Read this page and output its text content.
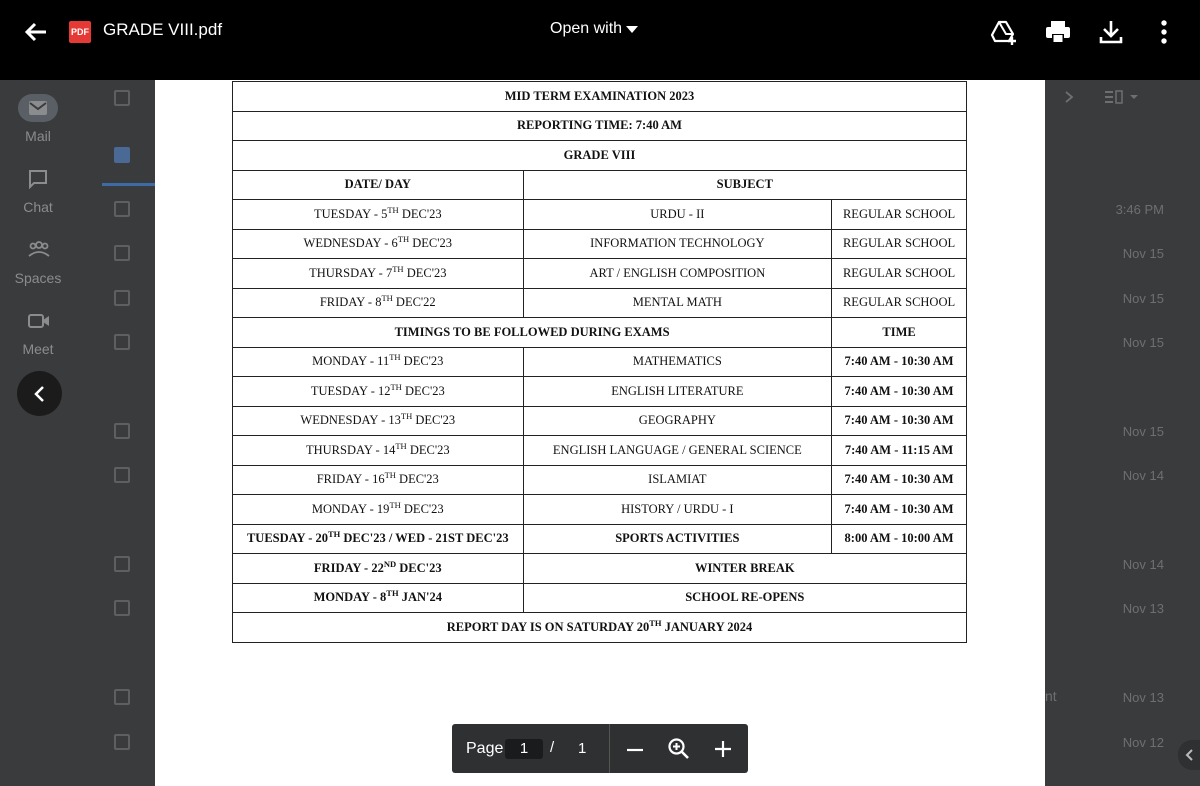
Mail
Chat
Spaces
Meet
3:46 PM
Nov 15
Nov 15
Nov 15
Nov 15
Nov 14
Nov 14
Nov 13
Nov 13
Nov 12
nt
PDF GRADE VIII.pdf	Open with
MID TERM EXAMINATION 2023		
REPORTING TIME: 7:40 AM		
GRADE VIII		
DATE/ DAY	SUBJECT	
TUESDAY - 5TH DEC'23	URDU - II	REGULAR SCHOOL
WEDNESDAY - 6TH DEC'23	INFORMATION TECHNOLOGY	REGULAR SCHOOL
THURSDAY - 7TH DEC'23	ART / ENGLISH COMPOSITION	REGULAR SCHOOL
FRIDAY - 8TH DEC'22	MENTAL MATH	REGULAR SCHOOL
TIMINGS TO BE FOLLOWED DURING EXAMS		TIME
MONDAY - 11TH DEC'23	MATHEMATICS	7:40 AM - 10:30 AM
TUESDAY - 12TH DEC'23	ENGLISH LITERATURE	7:40 AM - 10:30 AM
WEDNESDAY - 13TH DEC'23	GEOGRAPHY	7:40 AM - 10:30 AM
THURSDAY - 14TH DEC'23	ENGLISH LANGUAGE / GENERAL SCIENCE	7:40 AM - 11:15 AM
FRIDAY - 16TH DEC'23	ISLAMIAT	7:40 AM - 10:30 AM
MONDAY - 19TH DEC'23	HISTORY / URDU - I	7:40 AM - 10:30 AM
TUESDAY - 20TH DEC'23 / WED - 21ST DEC'23	SPORTS ACTIVITIES	8:00 AM - 10:00 AM
FRIDAY - 22ND DEC'23	WINTER BREAK	
MONDAY - 8TH JAN'24	SCHOOL RE-OPENS	
REPORT DAY IS ON SATURDAY 20TH JANUARY 2024		
Page	1	/ 1
